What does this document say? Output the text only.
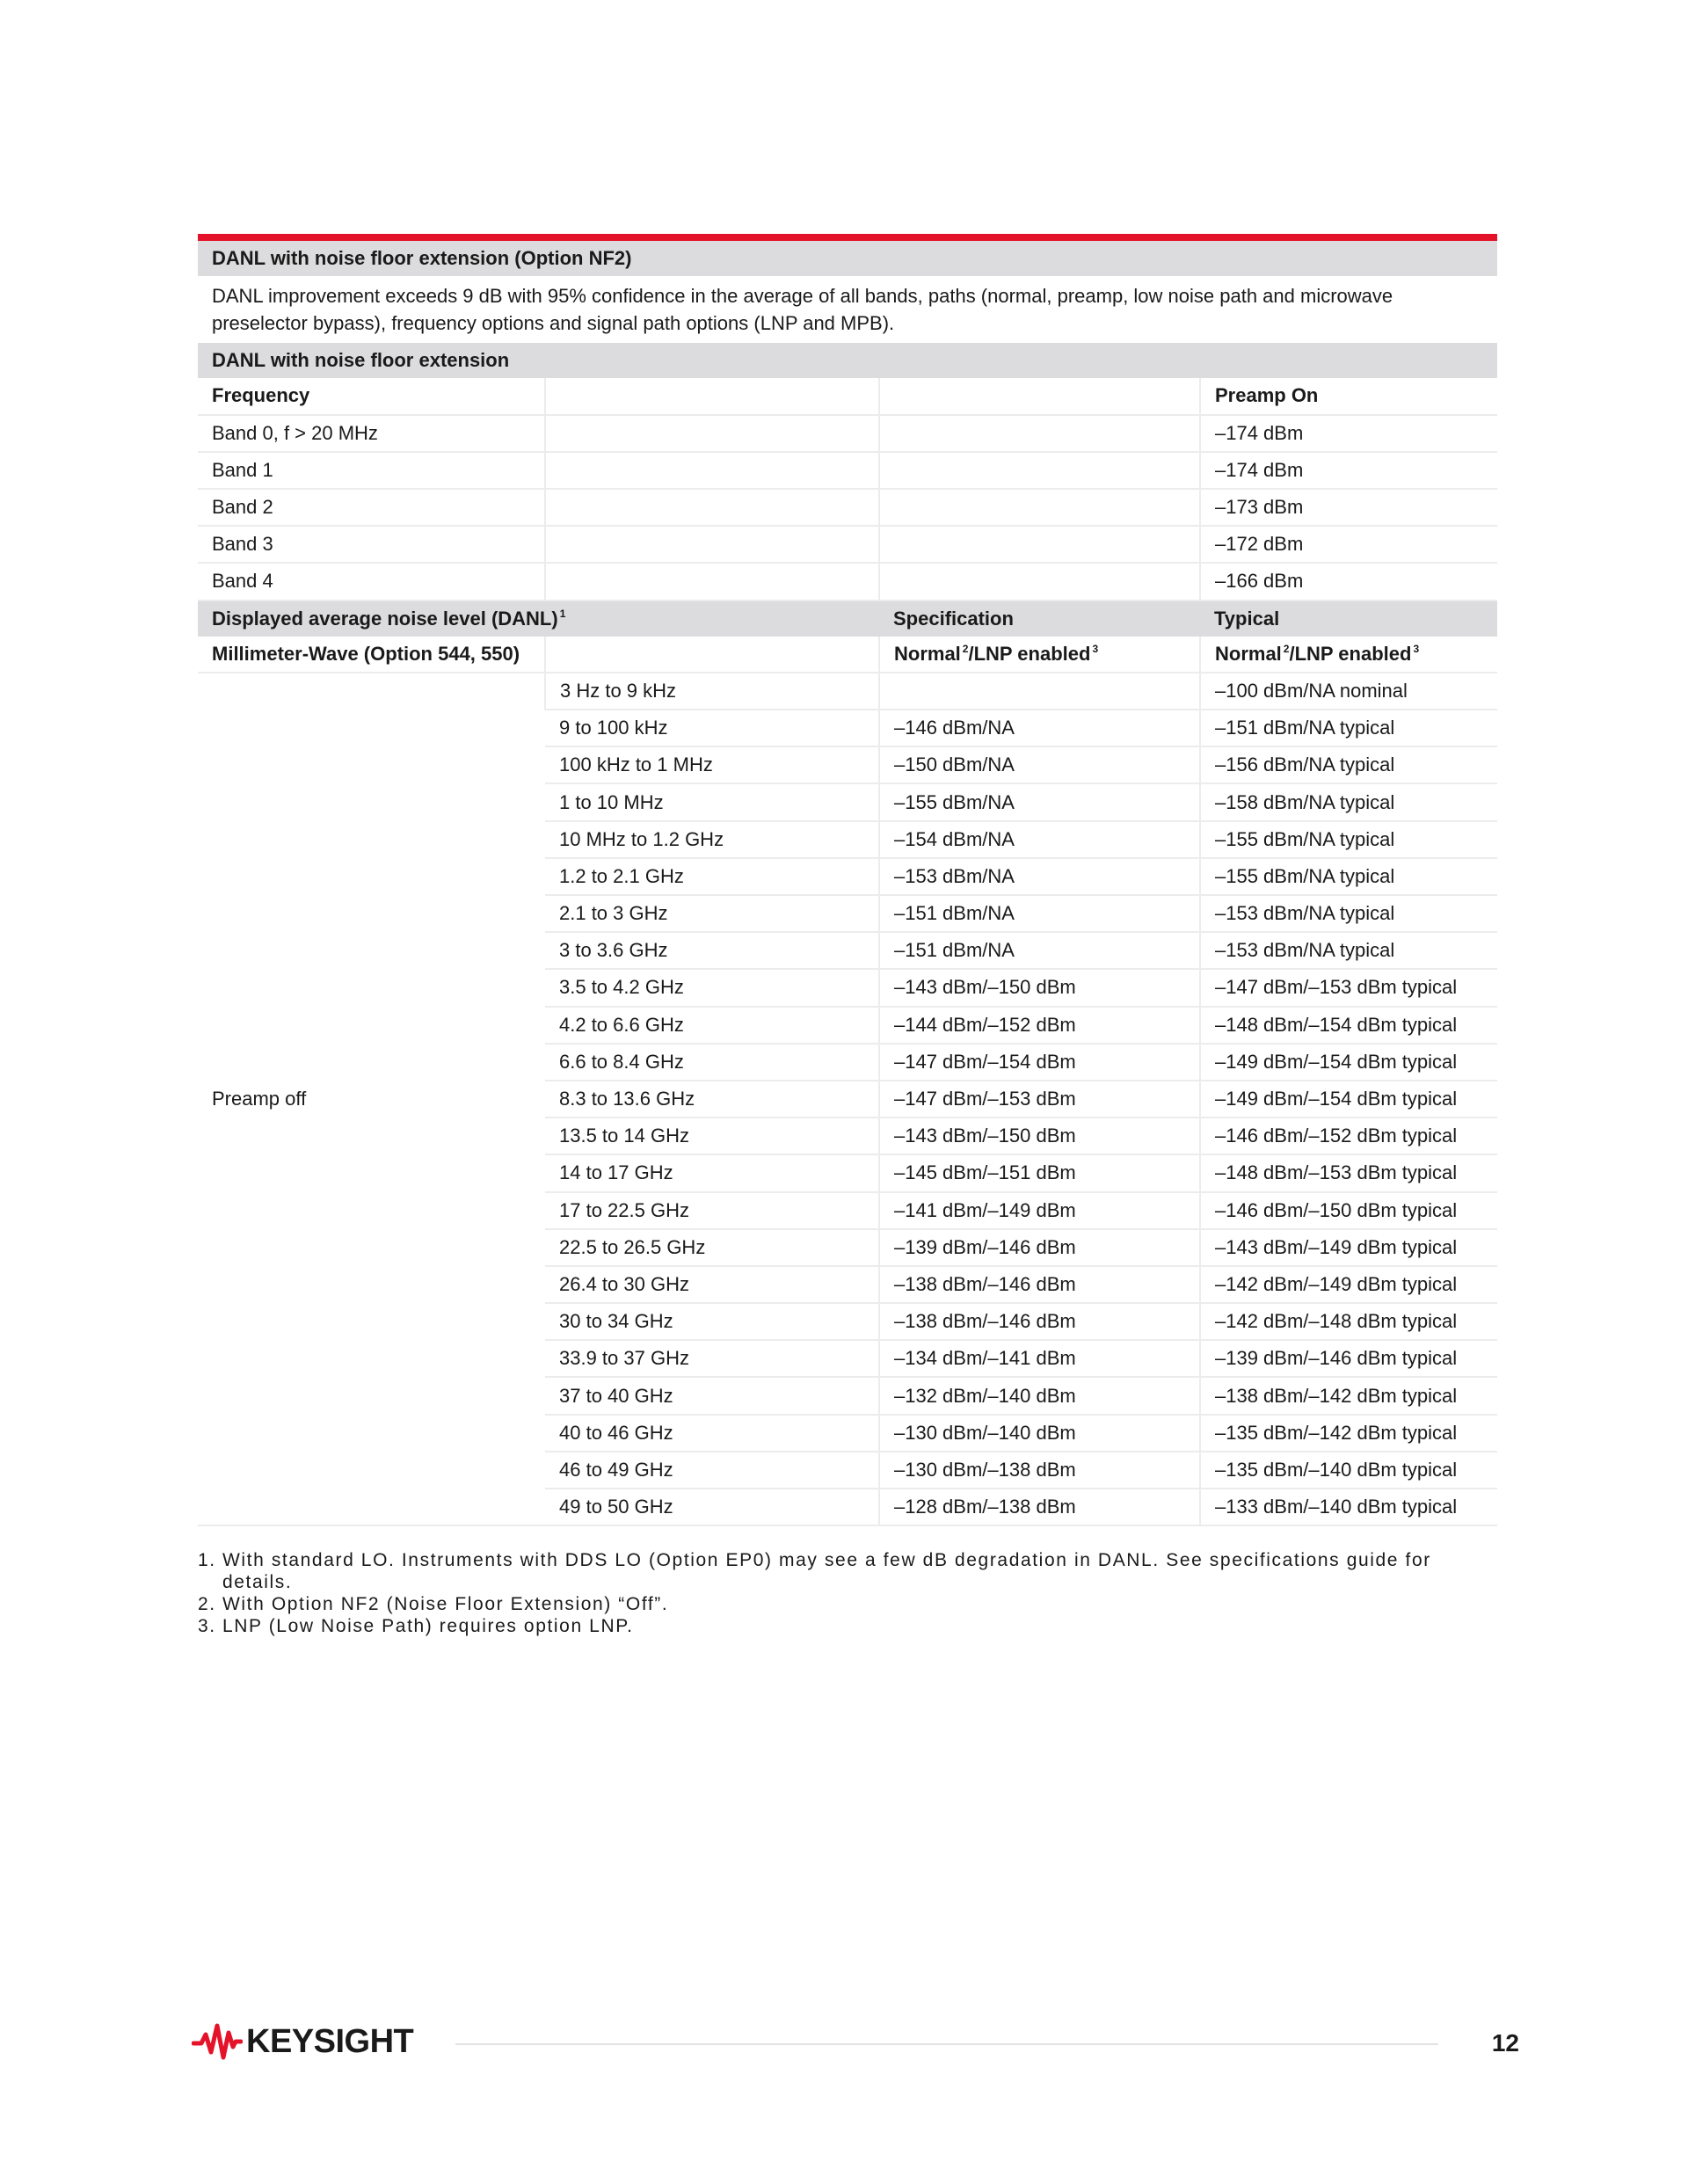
DANL with noise floor extension (Option NF2)			
DANL improvement exceeds 9 dB with 95% confidence in the average of all bands, paths (normal, preamp, low noise path and microwave preselector bypass), frequency options and signal path options (LNP and MPB).			
DANL with noise floor extension			
Frequency			Preamp On
Band 0, f > 20 MHz			–174 dBm
Band 1			–174 dBm
Band 2			–173 dBm
Band 3			–172 dBm
Band 4			–166 dBm
Displayed average noise level (DANL) $^1$		Specification	Typical
Millimeter-Wave (Option 544, 550)		Normal $^2$/LNP enabled $^3$	Normal $^2$/LNP enabled $^3$
Preamp off	3 Hz to 9 kHz		–100 dBm/NA nominal
	9 to 100 kHz	–146 dBm/NA	–151 dBm/NA typical
	100 kHz to 1 MHz	–150 dBm/NA	–156 dBm/NA typical
	1 to 10 MHz	–155 dBm/NA	–158 dBm/NA typical
	10 MHz to 1.2 GHz	–154 dBm/NA	–155 dBm/NA typical
	1.2 to 2.1 GHz	–153 dBm/NA	–155 dBm/NA typical
	2.1 to 3 GHz	–151 dBm/NA	–153 dBm/NA typical
	3 to 3.6 GHz	–151 dBm/NA	–153 dBm/NA typical
	3.5 to 4.2 GHz	–143 dBm/–150 dBm	–147 dBm/–153 dBm typical
	4.2 to 6.6 GHz	–144 dBm/–152 dBm	–148 dBm/–154 dBm typical
	6.6 to 8.4 GHz	–147 dBm/–154 dBm	–149 dBm/–154 dBm typical
	8.3 to 13.6 GHz	–147 dBm/–153 dBm	–149 dBm/–154 dBm typical
	13.5 to 14 GHz	–143 dBm/–150 dBm	–146 dBm/–152 dBm typical
	14 to 17 GHz	–145 dBm/–151 dBm	–148 dBm/–153 dBm typical
	17 to 22.5 GHz	–141 dBm/–149 dBm	–146 dBm/–150 dBm typical
	22.5 to 26.5 GHz	–139 dBm/–146 dBm	–143 dBm/–149 dBm typical
	26.4 to 30 GHz	–138 dBm/–146 dBm	–142 dBm/–149 dBm typical
	30 to 34 GHz	–138 dBm/–146 dBm	–142 dBm/–148 dBm typical
	33.9 to 37 GHz	–134 dBm/–141 dBm	–139 dBm/–146 dBm typical
	37 to 40 GHz	–132 dBm/–140 dBm	–138 dBm/–142 dBm typical
	40 to 46 GHz	–130 dBm/–140 dBm	–135 dBm/–142 dBm typical
	46 to 49 GHz	–130 dBm/–138 dBm	–135 dBm/–140 dBm typical
	49 to 50 GHz	–128 dBm/–138 dBm	–133 dBm/–140 dBm typical
1. With standard LO. Instruments with DDS LO (Option EP0) may see a few dB degradation in DANL. See specifications guide for details.
2. With Option NF2 (Noise Floor Extension) “Off”.
3. LNP (Low Noise Path) requires option LNP.
KEYSIGHT	12
